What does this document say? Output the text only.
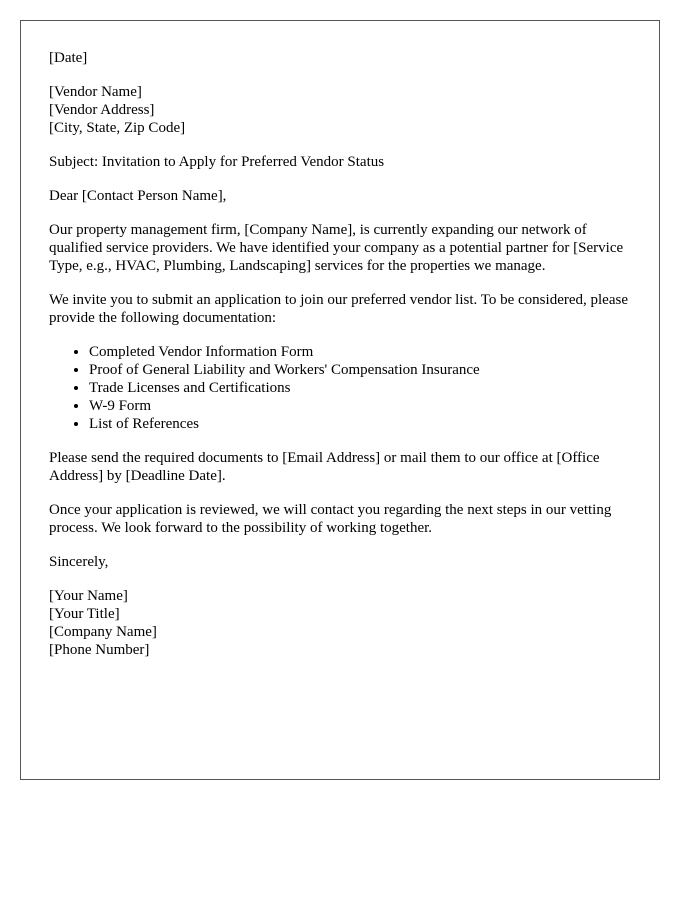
[Date]
[Vendor Name]
[Vendor Address]
[City, State, Zip Code]

Subject: Invitation to Apply for Preferred Vendor Status

Dear [Contact Person Name],

Our property management firm, [Company Name], is currently expanding our network of qualified service providers. We have identified your company as a potential partner for [Service Type, e.g., HVAC, Plumbing, Landscaping] services for the properties we manage.

We invite you to submit an application to join our preferred vendor list. To be considered, please provide the following documentation:

• Completed Vendor Information Form
• Proof of General Liability and Workers' Compensation Insurance
• Trade Licenses and Certifications
• W-9 Form
• List of References

Please send the required documents to [Email Address] or mail them to our office at [Office Address] by [Deadline Date].

Once your application is reviewed, we will contact you regarding the next steps in our vetting process. We look forward to the possibility of working together.

Sincerely,

[Your Name]
[Your Title]
[Company Name]
[Phone Number]
